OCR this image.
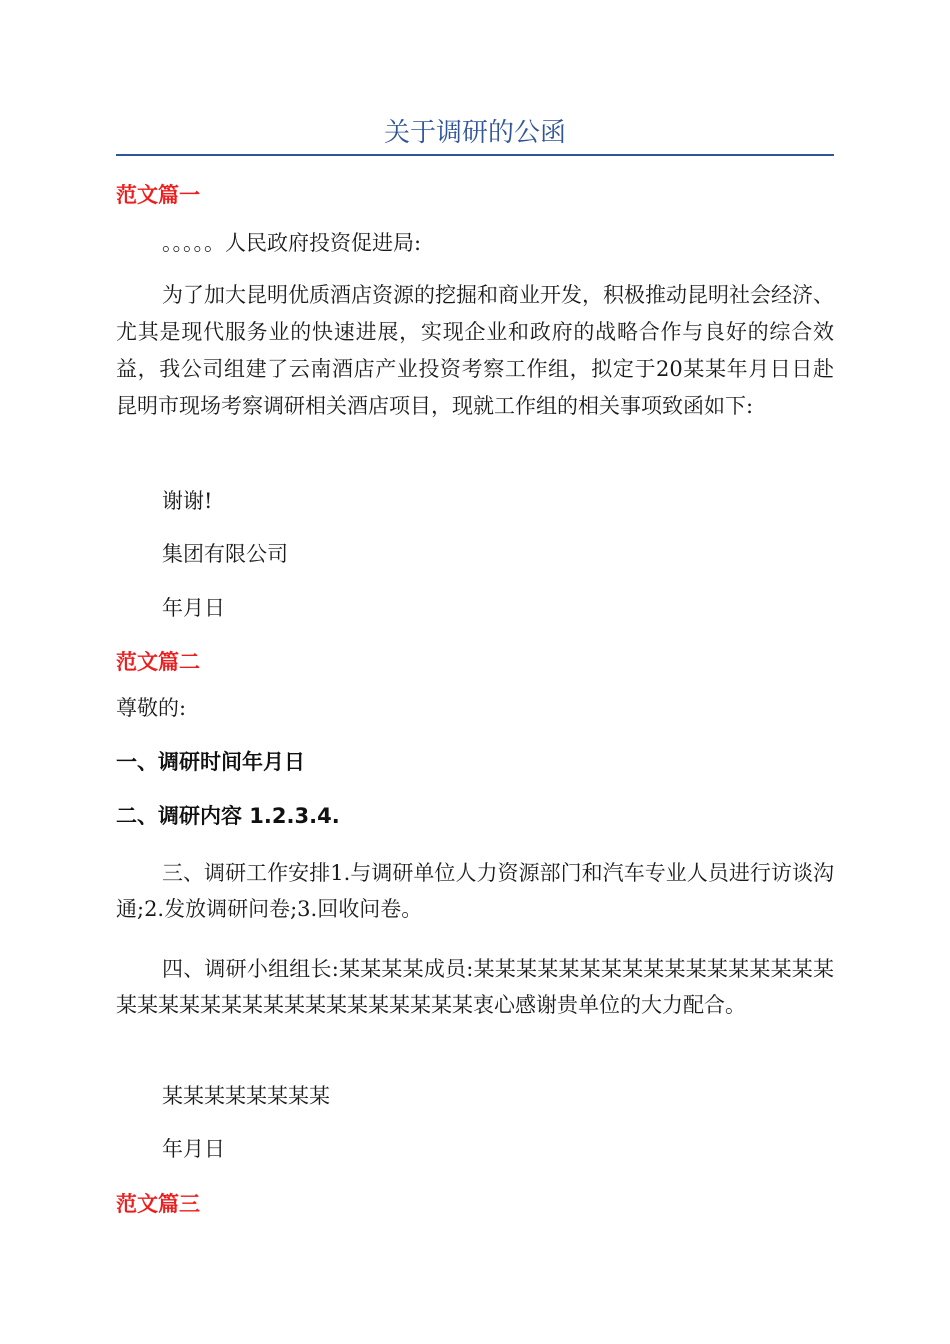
关于调研的公函
范文篇一
。。。。。人民政府投资促进局:
为了加大昆明优质酒店资源的挖掘和商业开发，积极推动昆明社会经济、尤其是现代服务业的快速进展，实现企业和政府的战略合作与良好的综合效益，我公司组建了云南酒店产业投资考察工作组，拟定于20某某年月日日赴昆明市现场考察调研相关酒店项目，现就工作组的相关事项致函如下:
谢谢!
集团有限公司
年月日
范文篇二
尊敬的:
一、调研时间年月日
二、调研内容 1.2.3.4.
三、调研工作安排1.与调研单位人力资源部门和汽车专业人员进行访谈沟通;2.发放调研问卷;3.回收问卷。
四、调研小组组长:某某某某成员:某某某某某某某某某某某某某某某某某某某某某某某某某某某某某某某某某某衷心感谢贵单位的大力配合。
某某某某某某某某
年月日
范文篇三
